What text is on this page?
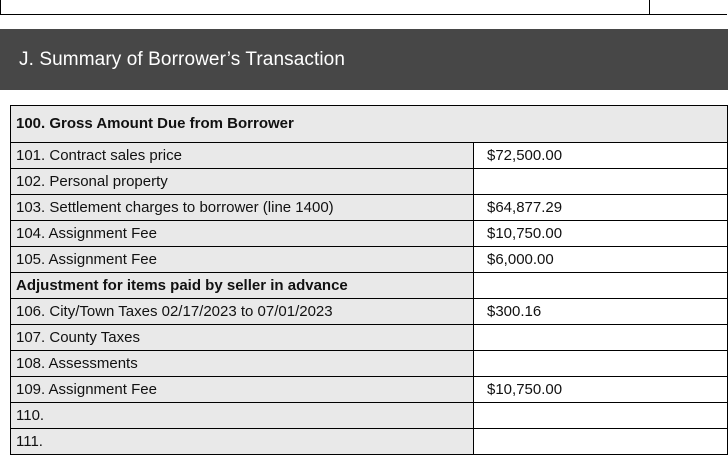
J. Summary of Borrower’s Transaction
100. Gross Amount Due from Borrower	
101. Contract sales price	$72,500.00
102. Personal property	
103. Settlement charges to borrower (line 1400)	$64,877.29
104. Assignment Fee	$10,750.00
105. Assignment Fee	$6,000.00
Adjustment for items paid by seller in advance	
106. City/Town Taxes 02/17/2023 to 07/01/2023	$300.16
107. County Taxes	
108. Assessments	
109. Assignment Fee	$10,750.00
110.	
111.	
